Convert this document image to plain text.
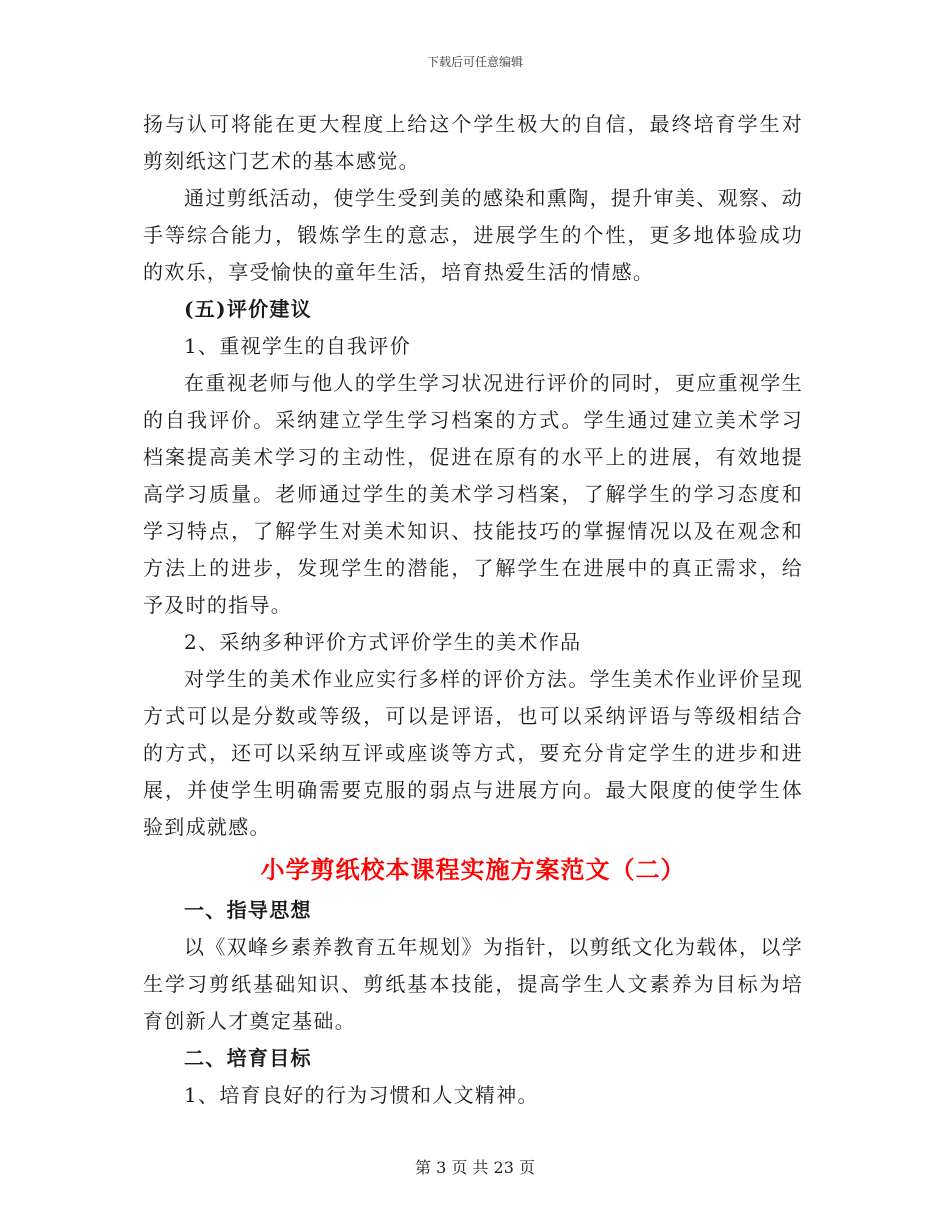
下载后可任意编辑

扬与认可将能在更大程度上给这个学生极大的自信，最终培育学生对剪刻纸这门艺术的基本感觉。

通过剪纸活动，使学生受到美的感染和熏陶，提升审美、观察、动手等综合能力，锻炼学生的意志，进展学生的个性，更多地体验成功的欢乐，享受愉快的童年生活，培育热爱生活的情感。

(五)评价建议

1、重视学生的自我评价

在重视老师与他人的学生学习状况进行评价的同时，更应重视学生的自我评价。采纳建立学生学习档案的方式。学生通过建立美术学习档案提高美术学习的主动性，促进在原有的水平上的进展，有效地提高学习质量。老师通过学生的美术学习档案，了解学生的学习态度和学习特点，了解学生对美术知识、技能技巧的掌握情况以及在观念和方法上的进步，发现学生的潜能，了解学生在进展中的真正需求，给予及时的指导。

2、采纳多种评价方式评价学生的美术作品

对学生的美术作业应实行多样的评价方法。学生美术作业评价呈现方式可以是分数或等级，可以是评语，也可以采纳评语与等级相结合的方式，还可以采纳互评或座谈等方式，要充分肯定学生的进步和进展，并使学生明确需要克服的弱点与进展方向。最大限度的使学生体验到成就感。

小学剪纸校本课程实施方案范文（二）

一、指导思想

以《双峰乡素养教育五年规划》为指针，以剪纸文化为载体，以学生学习剪纸基础知识、剪纸基本技能，提高学生人文素养为目标为培育创新人才奠定基础。

二、培育目标

1、培育良好的行为习惯和人文精神。

第 3 页 共 23 页
